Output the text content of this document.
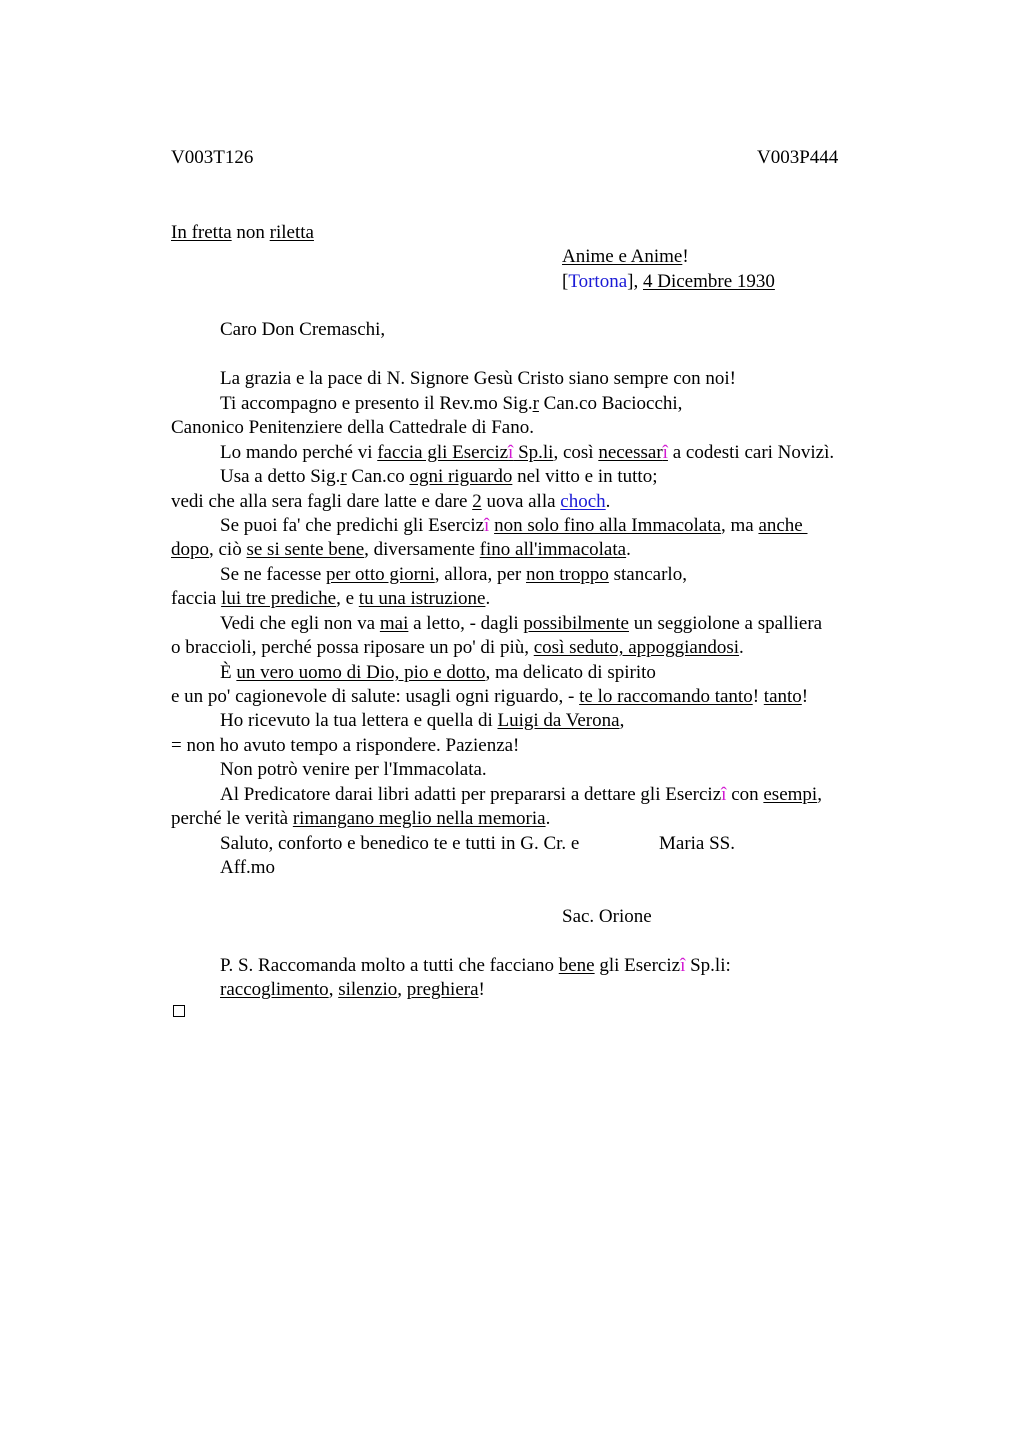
V003T126	V003P444
In fretta non riletta
Anime e Anime!
[Tortona], 4 Dicembre 1930
Caro Don Cremaschi,
La grazia e la pace di N. Signore Gesù Cristo siano sempre con noi!
Ti accompagno e presento il Rev.mo Sig.r Can.co Baciocchi,
Canonico Penitenziere della Cattedrale di Fano.
Lo mando perché vi faccia gli Esercizî Sp.li, così necessarî a codesti cari Novizì.
Usa a detto Sig.r Can.co ogni riguardo nel vitto e in tutto;
vedi che alla sera fagli dare latte e dare 2 uova alla choch.
Se puoi fa' che predichi gli Esercizî non solo fino alla Immacolata, ma anche
dopo, ciò se si sente bene, diversamente fino all'immacolata.
Se ne facesse per otto giorni, allora, per non troppo stancarlo,
faccia lui tre prediche, e tu una istruzione.
Vedi che egli non va mai a letto, - dagli possibilmente un seggiolone a spalliera
o braccioli, perché possa riposare un po' di più, così seduto, appoggiandosi.
È un vero uomo di Dio, pio e dotto, ma delicato di spirito
e un po' cagionevole di salute: usagli ogni riguardo, - te lo raccomando tanto! tanto!
Ho ricevuto la tua lettera e quella di Luigi da Verona,
= non ho avuto tempo a rispondere. Pazienza!
Non potrò venire per l'Immacolata.
Al Predicatore darai libri adatti per prepararsi a dettare gli Esercizî con esempi,
perché le verità rimangano meglio nella memoria.
Saluto, conforto e benedico te e tutti in G. Cr. e	Maria SS.
Aff.mo
Sac. Orione
P. S. Raccomanda molto a tutti che facciano bene gli Esercizî Sp.li:
raccoglimento, silenzio, preghiera!
